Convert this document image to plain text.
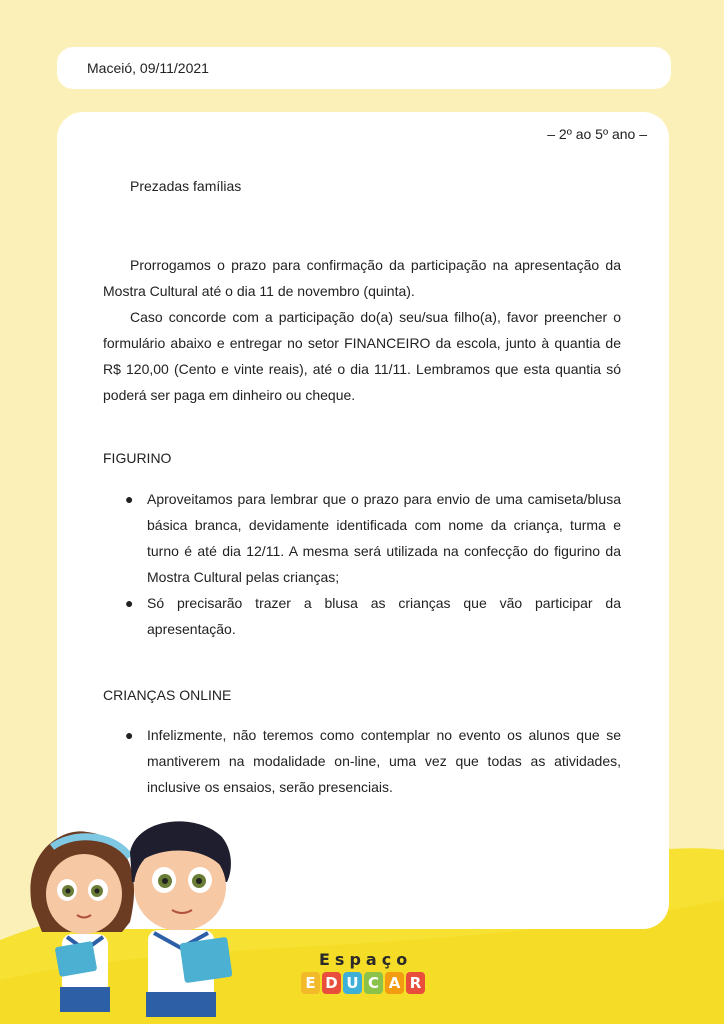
Maceió, 09/11/2021
– 2º ao 5º ano –
Prezadas famílias

Prorrogamos o prazo para confirmação da participação na apresentação da Mostra Cultural até o dia 11 de novembro (quinta).

Caso concorde com a participação do(a) seu/sua filho(a), favor preencher o formulário abaixo e entregar no setor FINANCEIRO da escola, junto à quantia de R$ 120,00 (Cento e vinte reais), até o dia 11/11. Lembramos que esta quantia só poderá ser paga em dinheiro ou cheque.

FIGURINO
● Aproveitamos para lembrar que o prazo para envio de uma camiseta/blusa básica branca, devidamente identificada com nome da criança, turma e turno é até dia 12/11. A mesma será utilizada na confecção do figurino da Mostra Cultural pelas crianças;
● Só precisarão trazer a blusa as crianças que vão participar da apresentação.
CRIANÇAS ONLINE
● Infelizmente, não teremos como contemplar no evento os alunos que se mantiverem na modalidade on-line, uma vez que todas as atividades, inclusive os ensaios, serão presenciais.
Espaço
E D U C A R
